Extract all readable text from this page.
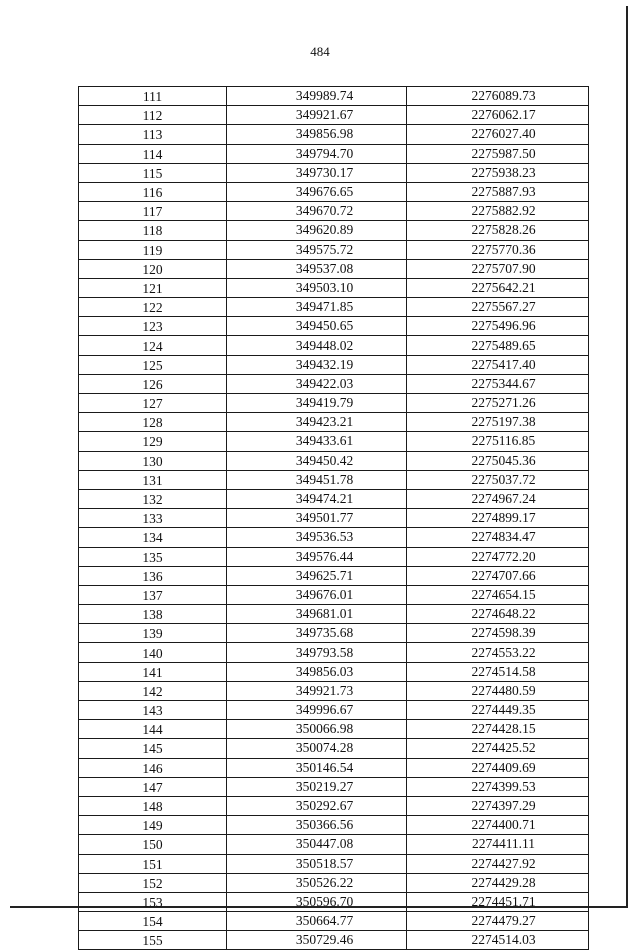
484
111	349989.74	2276089.73
112	349921.67	2276062.17
113	349856.98	2276027.40
114	349794.70	2275987.50
115	349730.17	2275938.23
116	349676.65	2275887.93
117	349670.72	2275882.92
118	349620.89	2275828.26
119	349575.72	2275770.36
120	349537.08	2275707.90
121	349503.10	2275642.21
122	349471.85	2275567.27
123	349450.65	2275496.96
124	349448.02	2275489.65
125	349432.19	2275417.40
126	349422.03	2275344.67
127	349419.79	2275271.26
128	349423.21	2275197.38
129	349433.61	2275116.85
130	349450.42	2275045.36
131	349451.78	2275037.72
132	349474.21	2274967.24
133	349501.77	2274899.17
134	349536.53	2274834.47
135	349576.44	2274772.20
136	349625.71	2274707.66
137	349676.01	2274654.15
138	349681.01	2274648.22
139	349735.68	2274598.39
140	349793.58	2274553.22
141	349856.03	2274514.58
142	349921.73	2274480.59
143	349996.67	2274449.35
144	350066.98	2274428.15
145	350074.28	2274425.52
146	350146.54	2274409.69
147	350219.27	2274399.53
148	350292.67	2274397.29
149	350366.56	2274400.71
150	350447.08	2274411.11
151	350518.57	2274427.92
152	350526.22	2274429.28
153	350596.70	2274451.71
154	350664.77	2274479.27
155	350729.46	2274514.03
